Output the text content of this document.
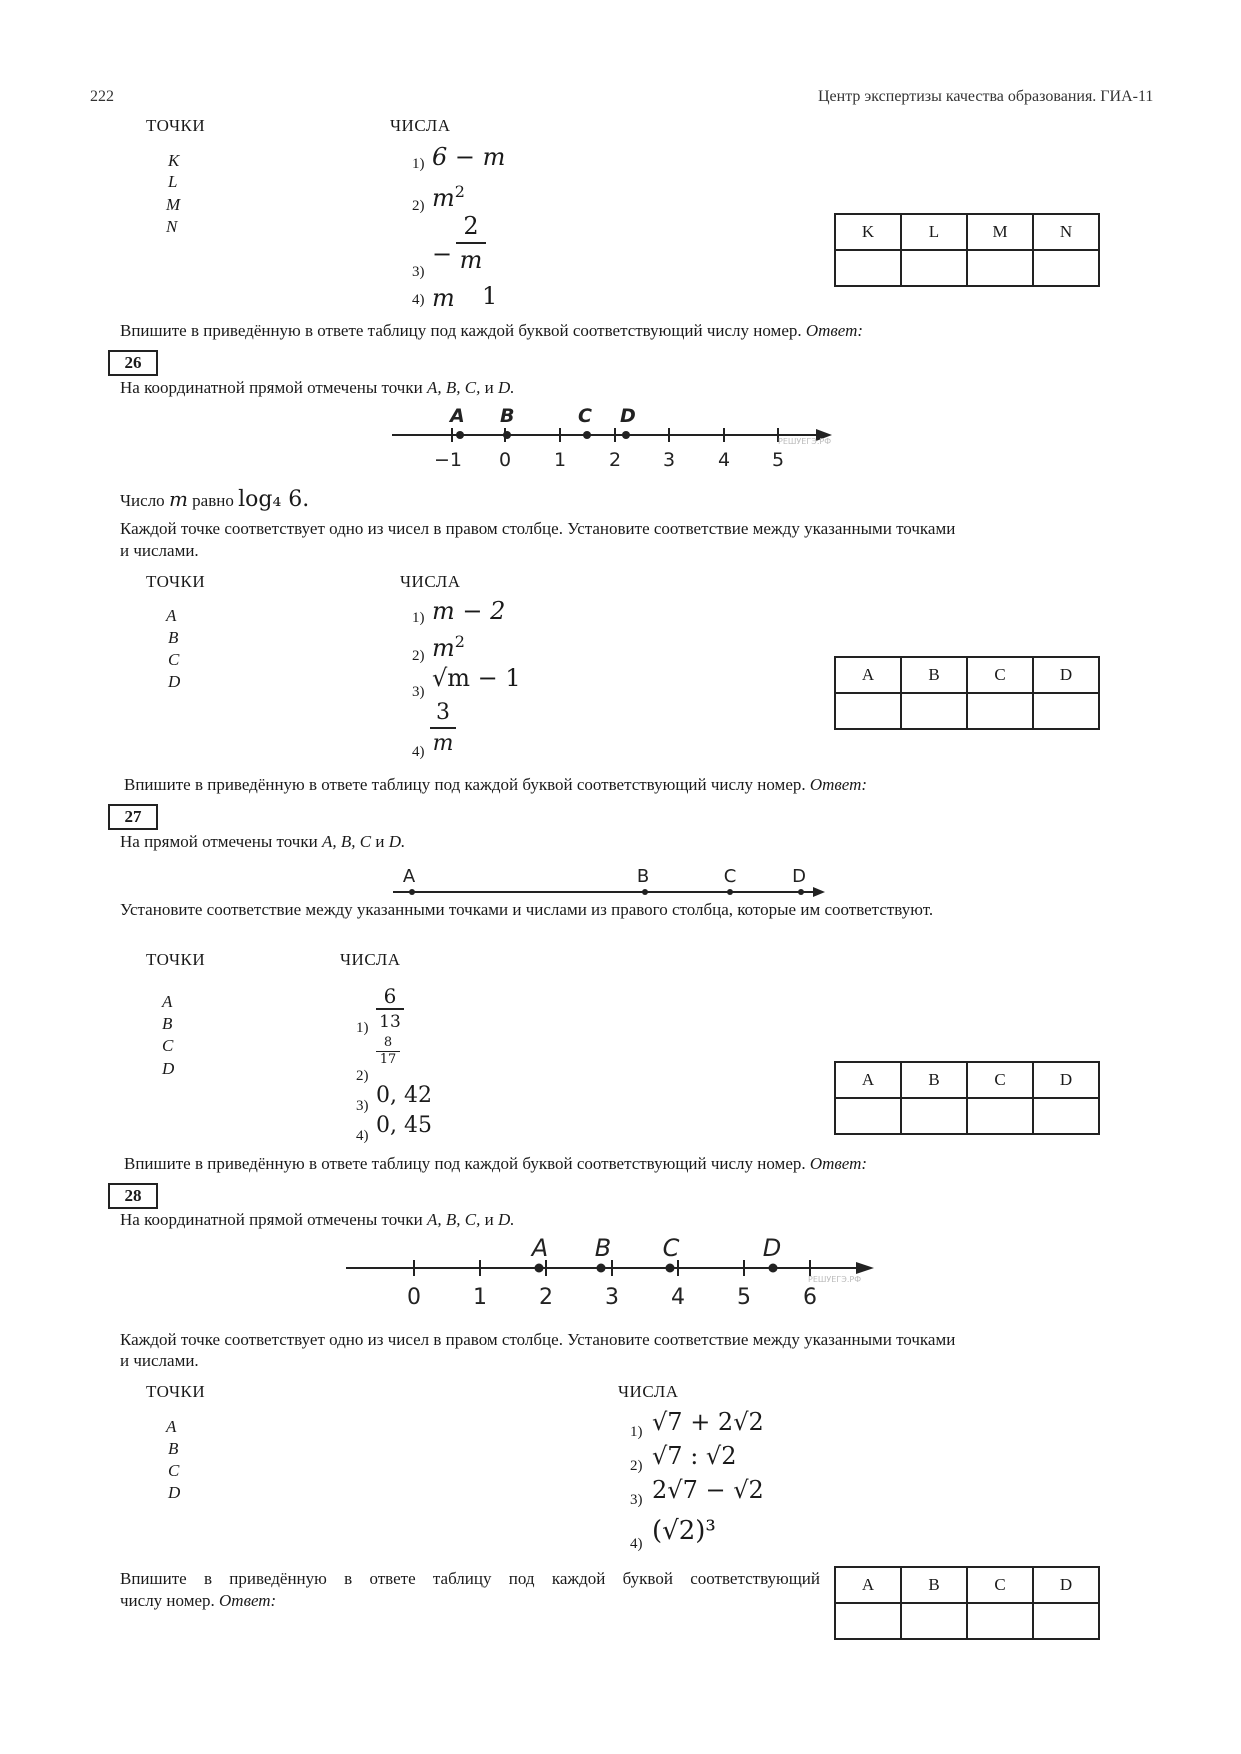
222	Центр экспертизы качества образования. ГИА-11
ТОЧКИ	ЧИСЛА
K
L
M
N
1) 6 − m
2) $m^2$
−
2
m
3)
4) m 1
K	L	M	N

Впишите в приведённую в ответе таблицу под каждой буквой соответствующий числу номер. Ответ:
26
На координатной прямой отмечены точки A, B, C, и D.
A B	C D
−1 0 1 2 3 4 5
РЕШУЕГЭ.РФ
Число m равно log₄ 6.
Каждой точке соответствует одно из чисел в правом столбце. Установите соответствие между указанными точками
и числами.
ТОЧКИ	ЧИСЛА
A
B
C
D
1) m − 2
2) $m^2$
3) √m − 1
3
m
4)
A	B	C	D

Впишите в приведённую в ответе таблицу под каждой буквой соответствующий числу номер. Ответ:
27
На прямой отмечены точки A, B, C и D.
A	B	C	D
Установите соответствие между указанными точками и числами из правого столбца, которые им соответствуют.
ТОЧКИ	ЧИСЛА
A
B
C
D
6
13
1)
8
17
2)
3) 0, 42
4) 0, 45
A	B	C	D

Впишите в приведённую в ответе таблицу под каждой буквой соответствующий числу номер. Ответ:
28
На координатной прямой отмечены точки A, B, C, и D.
A B C	D
0 1 2 3 4 5 6
РЕШУЕГЭ.РФ
Каждой точке соответствует одно из чисел в правом столбце. Установите соответствие между указанными точками
и числами.
ТОЧКИ	ЧИСЛА
A
B
C
D
1) √7 + 2√2
2) √7 : √2
3) 2√7 − √2
4) (√2)³
Впишите в приведённую в ответе таблицу под каждой буквой соответствующий
числу номер. Ответ:
A	B	C	D
